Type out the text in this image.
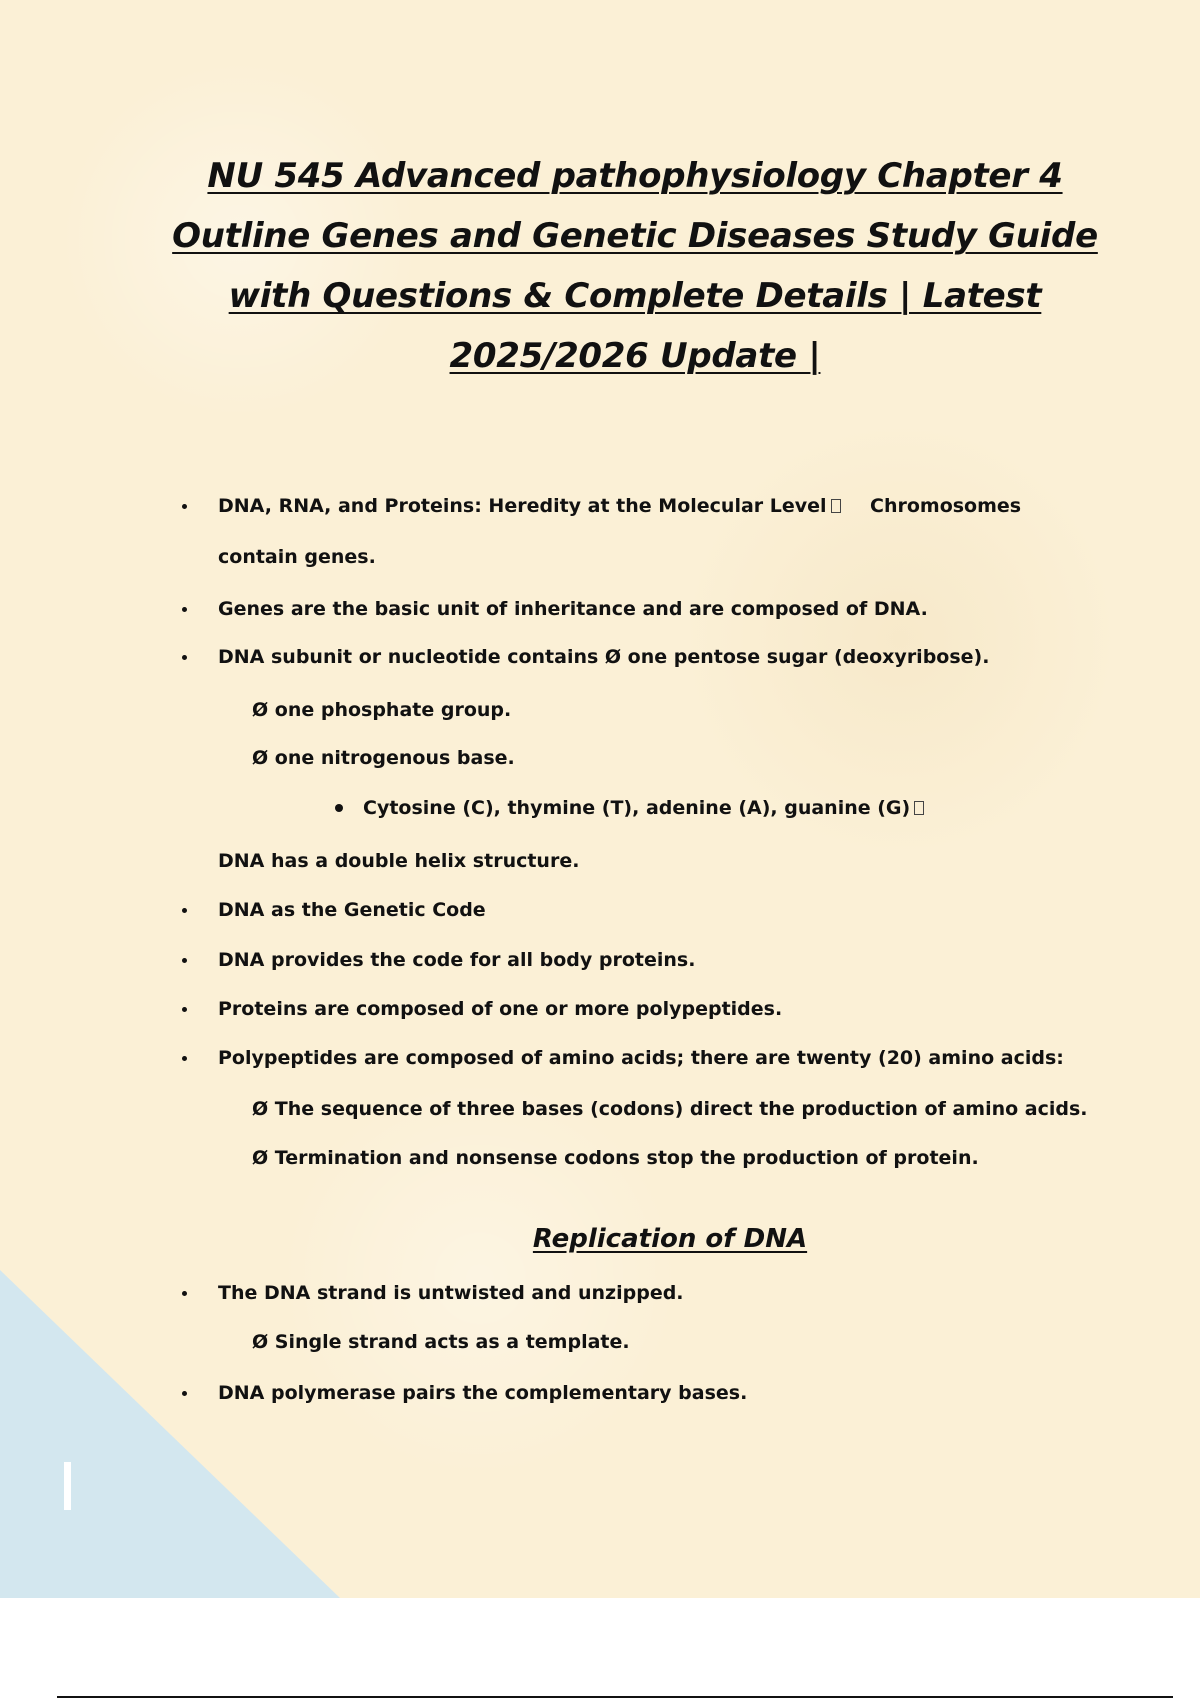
NU 545 Advanced pathophysiology Chapter 4 Outline Genes and Genetic Diseases Study Guide with Questions & Complete Details | Latest 2025/2026 Update |
DNA, RNA, and Proteins: Heredity at the Molecular Level	Chromosomes
contain genes.
Genes are the basic unit of inheritance and are composed of DNA.
DNA subunit or nucleotide contains Ø one pentose sugar (deoxyribose).
Ø one phosphate group.
Ø one nitrogenous base.
Cytosine (C), thymine (T), adenine (A), guanine (G)
DNA has a double helix structure.
DNA as the Genetic Code
DNA provides the code for all body proteins.
Proteins are composed of one or more polypeptides.
Polypeptides are composed of amino acids; there are twenty (20) amino acids:
Ø The sequence of three bases (codons) direct the production of amino acids.
Ø Termination and nonsense codons stop the production of protein.
Replication of DNA
The DNA strand is untwisted and unzipped.
Ø Single strand acts as a template.
DNA polymerase pairs the complementary bases.
